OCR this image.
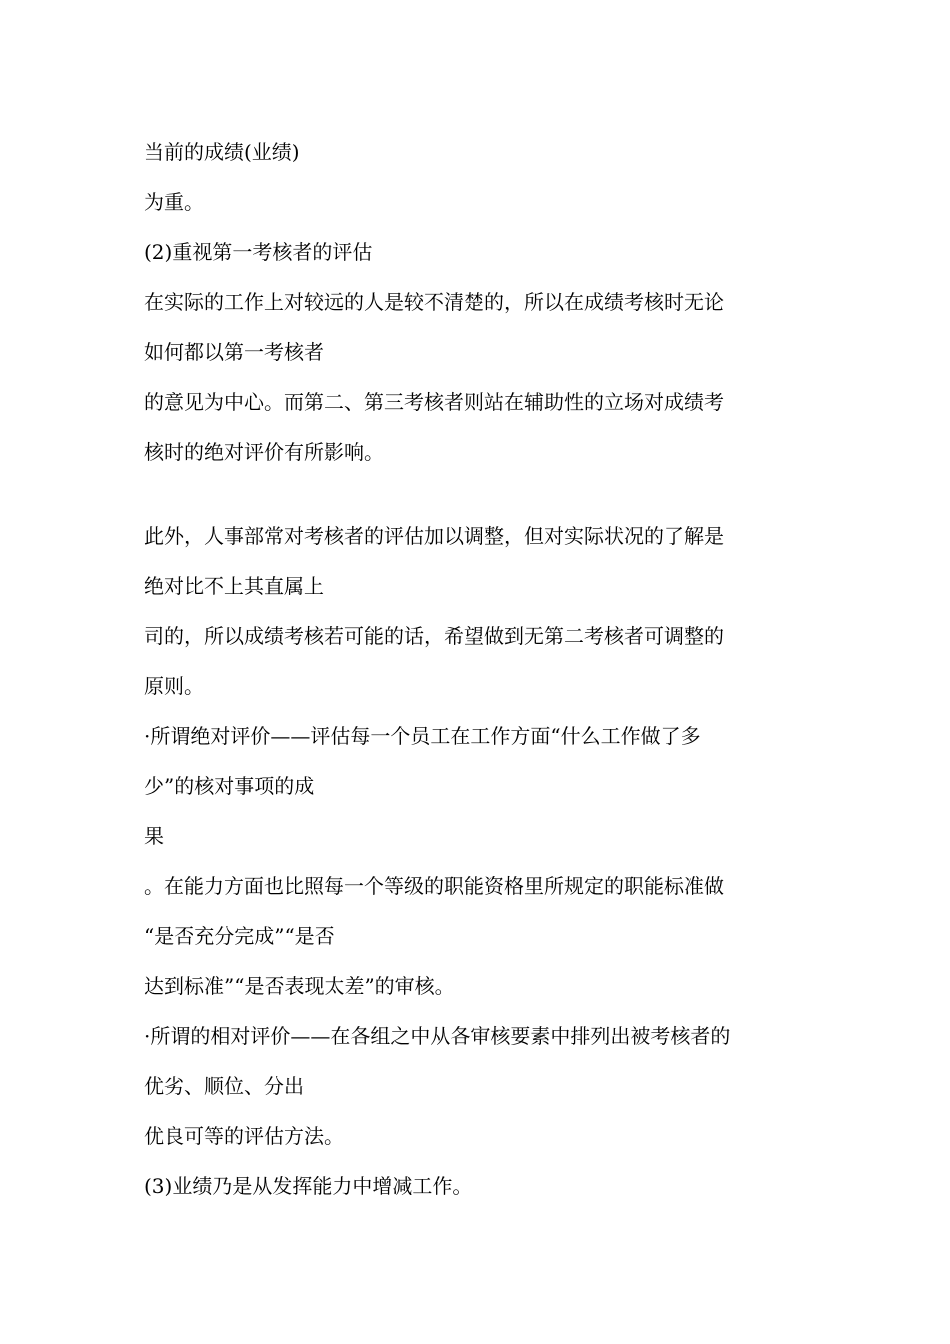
当前的成绩(业绩)
为重。
(2)重视第一考核者的评估
在实际的工作上对较远的人是较不清楚的，所以在成绩考核时无论
如何都以第一考核者
的意见为中心。而第二、第三考核者则站在辅助性的立场对成绩考
核时的绝对评价有所影响。
此外，人事部常对考核者的评估加以调整，但对实际状况的了解是
绝对比不上其直属上
司的，所以成绩考核若可能的话，希望做到无第二考核者可调整的
原则。
·所谓绝对评价——评估每一个员工在工作方面“什么工作做了多
少”的核对事项的成
果
。在能力方面也比照每一个等级的职能资格里所规定的职能标准做
“是否充分完成”“是否
达到标准”“是否表现太差”的审核。
·所谓的相对评价——在各组之中从各审核要素中排列出被考核者的
优劣、顺位、分出
优良可等的评估方法。
(3)业绩乃是从发挥能力中增减工作。
